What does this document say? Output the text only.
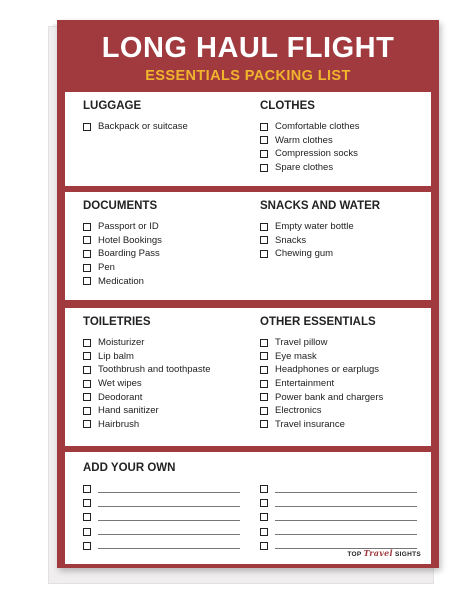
LONG HAUL FLIGHT
ESSENTIALS PACKING LIST
LUGGAGE
Backpack or suitcase
CLOTHES
Comfortable clothes
Warm clothes
Compression socks
Spare clothes
DOCUMENTS
Passport or ID
Hotel Bookings
Boarding Pass
Pen
Medication
SNACKS AND WATER
Empty water bottle
Snacks
Chewing gum
TOILETRIES
Moisturizer
Lip balm
Toothbrush and toothpaste
Wet wipes
Deodorant
Hand sanitizer
Hairbrush
OTHER ESSENTIALS
Travel pillow
Eye mask
Headphones or earplugs
Entertainment
Power bank and chargers
Electronics
Travel insurance
ADD YOUR OWN
TOP Travel SIGHTS
